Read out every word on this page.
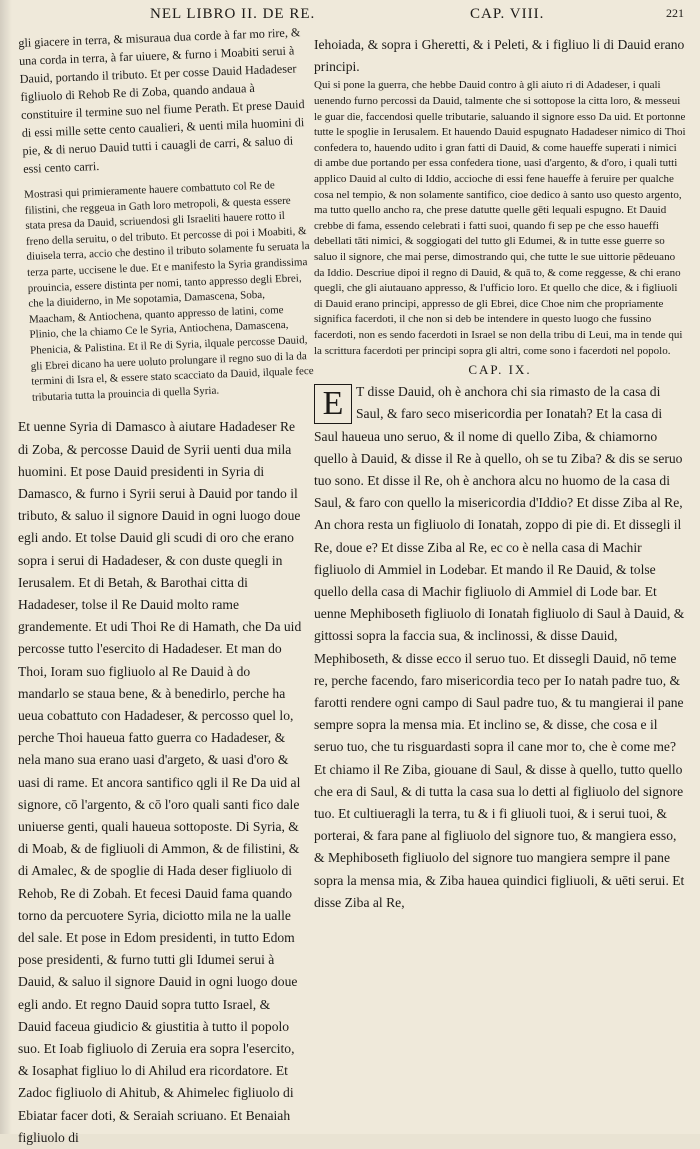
NEL LIBRO II. DE RE.	CAP. VIII.	221

gli giacere in terra, & misuraua dua corde à far mo rire, & una corda in terra, à far uiuere, & furno i Moabiti serui à Dauid, portando il tributo. Et per cosse Dauid Hadadeser figliuolo di Rehob Re di Zoba, quando andaua à constituire il termine suo nel fiume Perath. Et prese Dauid di essi mille sette cento caualieri, & uenti mila huomini di pie, & di neruo Dauid tutti i cauagli de carri, & saluo di essi cento carri.

Mostrasi qui primieramente hauere combattuto col Re de filistini, che reggeua in Gath loro metropoli, & questa essere stata presa da Dauid, scriuendosi gli Israeliti hauere rotto il freno della seruitu, o del tributo. Et percosse di poi i Moabiti, & diuisela terra, accio che destino il tributo solamente fu seruata la terza parte, uccisene le due. Et e manifesto la Syria grandissima prouincia, essere distinta per nomi, tanto appresso degli Ebrei, che la diuiderno, in Me sopotamia, Damascena, Soba, Maacham, & Antiochena, quanto appresso de latini, come Plinio, che la chiamo Ce le Syria, Antiochena, Damascena, Phenicia, & Palistina. Et il Re di Syria, ilquale percosse Dauid, gli Ebrei dicano ha uere uoluto prolungare il regno suo di la da termini di Isra el, & essere stato scacciato da Dauid, ilquale fece tributaria tutta la prouincia di quella Syria.

Et uenne Syria di Damasco à aiutare Hadadeser Re di Zoba, & percosse Dauid de Syrii uenti dua mila huomini. Et pose Dauid presidenti in Syria di Damasco, & furno i Syrii serui à Dauid por tando il tributo, & saluo il signore Dauid in ogni luogo doue egli ando. Et tolse Dauid gli scudi di oro che erano sopra i serui di Hadadeser, & con duste quegli in Ierusalem. Et di Betah, & Barothai citta di Hadadeser, tolse il Re Dauid molto rame grandemente. Et udi Thoi Re di Hamath, che Da uid percosse tutto l'esercito di Hadadeser. Et man do Thoi, Ioram suo figliuolo al Re Dauid à do mandarlo se staua bene, & à benedirlo, perche ha ueua cobattuto con Hadadeser, & percosso quel lo, perche Thoi haueua fatto guerra co Hadadeser, & nela mano sua erano uasi d'argeto, & uasi d'oro & uasi di rame. Et ancora santifico qgli il Re Da uid al signore, cō l'argento, & cō l'oro quali santi fico dale uniuerse genti, quali haueua sottoposte. Di Syria, & di Moab, & de figliuoli di Ammon, & de filistini, & di Amalec, & de spoglie di Hada deser figliuolo di Rehob, Re di Zobah. Et fecesi Dauid fama quando torno da percuotere Syria, diciotto mila ne la ualle del sale. Et pose in Edom presidenti, in tutto Edom pose presidenti, & furno tutti gli Idumei serui à Dauid, & saluo il signore Dauid in ogni luogo doue egli ando. Et regno Dauid sopra tutto Israel, & Dauid faceua giudicio & giustitia à tutto il popolo suo. Et Ioab figliuolo di Zeruia era sopra l'esercito, & Iosaphat figliuo lo di Ahilud era ricordatore. Et Zadoc figliuolo di Ahitub, & Ahimelec figliuolo di Ebiatar facer doti, & Seraiah scriuano. Et Benaiah figliuolo di

Iehoiada, & sopra i Gheretti, & i Peleti, & i figliuo li di Dauid erano principi.

Qui si pone la guerra, che hebbe Dauid contro à gli aiuto ri di Adadeser, i quali uenendo furno percossi da Dauid, talmente che si sottopose la citta loro, & messeui le guar die, faccendosi quelle tributarie, saluando il signore esso Da uid. Et portonne tutte le spoglie in Ierusalem. Et hauendo Dauid espugnato Hadadeser nimico di Thoi confedera to, hauendo udito i gran fatti di Dauid, & come haueffe superati i nimici di ambe due portando per essa confedera tione, uasi d'argento, & d'oro, i quali tutti applico Dauid al culto di Iddio, accioche di essi fene haueffe à feruire per qualche cosa nel tempio, & non solamente santifico, cioe dedico à santo uso questo argento, ma tutto quello ancho ra, che prese datutte quelle gēti lequali espugno. Et Dauid crebbe di fama, essendo celebrati i fatti suoi, quando fi sep pe che esso haueffi debellati tāti nimici, & soggiogati del tutto gli Edumei, & in tutte esse guerre so saluo il signore, che mai perse, dimostrando qui, che tutte le sue uittorie pēdeuano da Iddio. Descriue dipoi il regno di Dauid, & quā to, & come reggesse, & chi erano quegli, che gli aiutauano appresso, & l'ufficio loro. Et quello che dice, & i figliuoli di Dauid erano principi, appresso de gli Ebrei, dice Choe nim che propriamente significa facerdoti, il che non si deb be intendere in questo luogo che fussino facerdoti, non es sendo facerdoti in Israel se non della tribu di Leui, ma in tende qui la scrittura facerdoti per principi sopra gli altri, come sono i facerdoti nel popolo.

CAP. IX.
E T disse Dauid, oh è anchora chi sia rimasto de la casa di Saul, & faro seco misericordia per Ionatah? Et la casa di Saul haueua uno seruo, & il nome di quello Ziba, & chiamorno quello à Dauid, & disse il Re à quello, oh se tu Ziba? & dis se seruo tuo sono. Et disse il Re, oh è anchora alcu no huomo de la casa di Saul, & faro con quello la misericordia d'Iddio? Et disse Ziba al Re, An chora resta un figliuolo di Ionatah, zoppo di pie di. Et dissegli il Re, doue e? Et disse Ziba al Re, ec co è nella casa di Machir figliuolo di Ammiel in Lodebar. Et mando il Re Dauid, & tolse quello della casa di Machir figliuolo di Ammiel di Lode bar. Et uenne Mephiboseth figliuolo di Ionatah figliuolo di Saul à Dauid, & gittossi sopra la faccia sua, & inclinossi, & disse Dauid, Mephiboseth, & disse ecco il seruo tuo. Et dissegli Dauid, nō teme re, perche facendo, faro misericordia teco per Io natah padre tuo, & farotti rendere ogni campo di Saul padre tuo, & tu mangierai il pane sempre sopra la mensa mia. Et inclino se, & disse, che cosa e il seruo tuo, che tu risguardasti sopra il cane mor to, che è come me? Et chiamo il Re Ziba, giouane di Saul, & disse à quello, tutto quello che era di Saul, & di tutta la casa sua lo detti al figliuolo del signore tuo. Et cultiueragli la terra, tu & i fi gliuoli tuoi, & i serui tuoi, & porterai, & fara pane al figliuolo del signore tuo, & mangiera esso, & Mephiboseth figliuolo del signore tuo mangiera sempre il pane sopra la mensa mia, & Ziba haueа quindici figliuoli, & uēti serui. Et disse Ziba al Re,
